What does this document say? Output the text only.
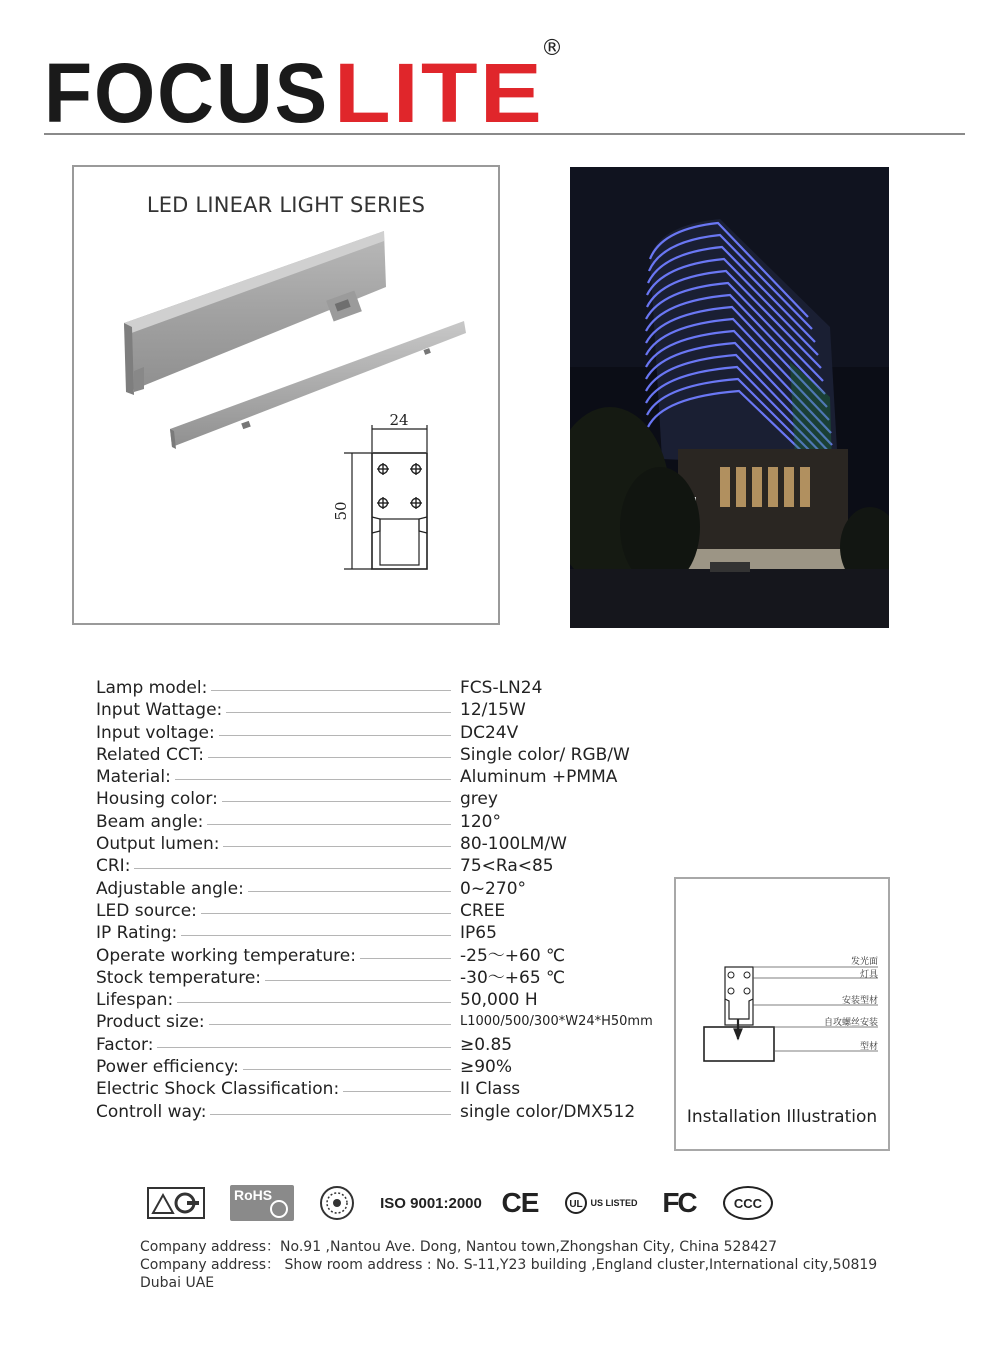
FOCUS LITE
®
LED LINEAR LIGHT SERIES
24
50
Lamp model:	FCS-LN24
Input Wattage:	12/15W
Input voltage:	DC24V
Related CCT:	Single color/ RGB/W
Material:	Aluminum +PMMA
Housing color:	grey
Beam angle:	120°
Output lumen:	80-100LM/W
CRI:	75<Ra<85
Adjustable angle:	0~270°
LED source:	CREE
IP Rating:	IP65
Operate working temperature:	-25～+60 ℃
Stock temperature:	-30～+65 ℃
Lifespan:	50,000 H
Product size:	L1000/500/300*W24*H50mm
Factor:	≥0.85
Power efficiency:	≥90%
Electric Shock Classification:	II Class
Controll way:	single color/DMX512
发光面
灯具
安装型材
自攻螺丝安装
型材
Installation Illustration
RoHS	ISO 9001:2000 CE	UL US LISTED FC	CCC

Company address：No.91 ,Nantou Ave. Dong, Nantou town,Zhongshan City, China 528427

Company address： Show room address : No. S-11,Y23 building ,England cluster,International city,50819 Dubai UAE
